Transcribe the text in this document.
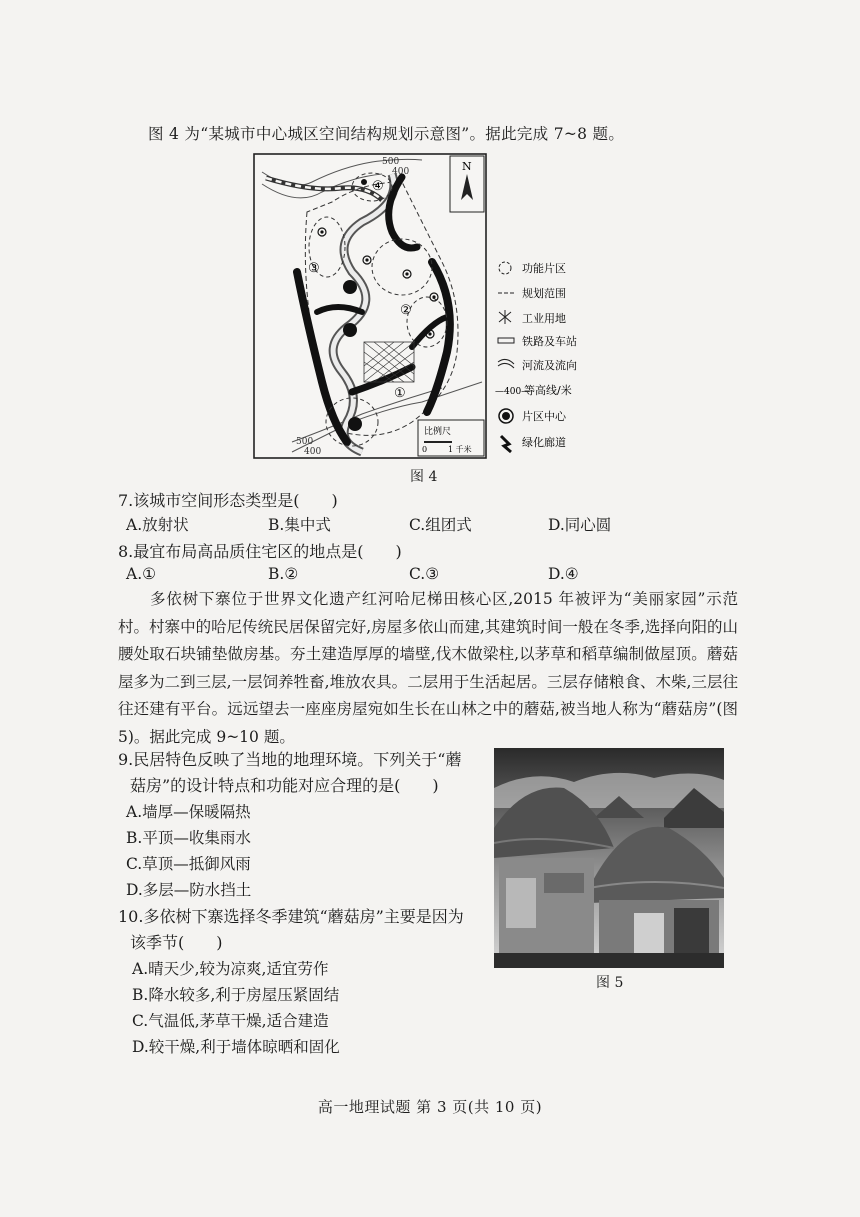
图 4 为“某城市中心城区空间结构规划示意图”。据此完成 7~8 题。
500
400
500
400
④
③
②
①
N
比例尺
0	1 千米
功能片区
规划范围
工业用地
铁路及车站
河流及流向
—400—
等高线/米
片区中心
绿化廊道
图 4
7.该城市空间形态类型是(　　)
A.放射状	B.集中式	C.组团式	D.同心圆
8.最宜布局高品质住宅区的地点是(　　)
A.①	B.②	C.③	D.④

多依树下寨位于世界文化遗产红河哈尼梯田核心区,2015 年被评为“美丽家园”示范村。村寨中的哈尼传统民居保留完好,房屋多依山而建,其建筑时间一般在冬季,选择向阳的山腰处取石块铺垫做房基。夯土建造厚厚的墙壁,伐木做梁柱,以茅草和稻草编制做屋顶。蘑菇屋多为二到三层,一层饲养牲畜,堆放农具。二层用于生活起居。三层存储粮食、木柴,三层往往还建有平台。远远望去一座座房屋宛如生长在山林之中的蘑菇,被当地人称为“蘑菇房”(图 5)。据此完成 9~10 题。

9.民居特色反映了当地的地理环境。下列关于“蘑
菇房”的设计特点和功能对应合理的是(　　)
A.墙厚—保暖隔热
B.平顶—收集雨水
C.草顶—抵御风雨
D.多层—防水挡土
10.多依树下寨选择冬季建筑“蘑菇房”主要是因为
该季节(　　)
A.晴天少,较为凉爽,适宜劳作
B.降水较多,利于房屋压紧固结
C.气温低,茅草干燥,适合建造
D.较干燥,利于墙体晾晒和固化
图 5
高一地理试题 第 3 页(共 10 页)
